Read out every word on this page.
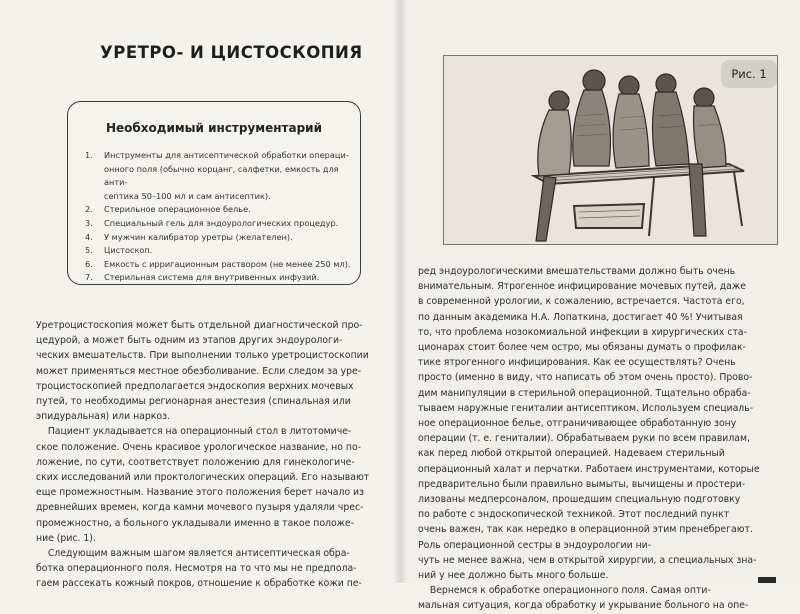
УРЕТРО- И ЦИСТОСКОПИЯ
Необходимый инструментарий
1. Инструменты для антисептической обработки операци-
онного поля (обычно корцанг, салфетки, емкость для анти-
септика 50–100 мл и сам антисептик).
2. Стерильное операционное белье.
3. Специальный гель для эндоурологических процедур.
4. У мужчин калибратор уретры (желателен).
5. Цистоскоп.
6. Емкость с ирригационным раствором (не менее 250 мл).
7. Стерильная система для внутривенных инфузий.
Уретроцистоскопия может быть отдельной диагностической про-
цедурой, а может быть одним из этапов других эндоурологи-
ческих вмешательств. При выполнении только уретроцистоскопии
может применяться местное обезболивание. Если следом за уре-
троцистоскопией предполагается эндоскопия верхних мочевых
путей, то необходимы регионарная анестезия (спинальная или
эпидуральная) или наркоз.
Пациент укладывается на операционный стол в литотомиче-
ское положение. Очень красивое урологическое название, но по-
ложение, по сути, соответствует положению для гинекологиче-
ских исследований или проктологических операций. Его называют
еще промежностным. Название этого положения берет начало из
древнейших времен, когда камни мочевого пузыря удаляли чрес-
промежностно, а больного укладывали именно в такое положе-
ние (рис. 1).
Следующим важным шагом является антисептическая обра-
ботка операционного поля. Несмотря на то что мы не предпола-
гаем рассекать кожный покров, отношение к обработке кожи пе-
ред эндоурологическими вмешательствами должно быть очень
внимательным. Ятрогенное инфицирование мочевых путей, даже
в современной урологии, к сожалению, встречается. Частота его,
по данным академика Н.А. Лопаткина, достигает 40 %! Учитывая
то, что проблема нозокомиальной инфекции в хирургических ста-
ционарах стоит более чем остро, мы обязаны думать о профилак-
тике ятрогенного инфицирования. Как ее осуществлять? Очень
просто (именно в виду, что написать об этом очень просто). Прово-
дим манипуляции в стерильной операционной. Тщательно обраба-
тываем наружные гениталии антисептиком. Используем специаль-
ное операционное белье, отграничивающее обработанную зону
операции (т. е. гениталии). Обрабатываем руки по всем правилам,
как перед любой открытой операцией. Надеваем стерильный
операционный халат и перчатки. Работаем инструментами, которые
предварительно были правильно вымыты, вычищены и простери-
лизованы медперсоналом, прошедшим специальную подготовку
по работе с эндоскопической техникой. Этот последний пункт
очень важен, так как нередко в операционной этим пренебрегают.
Роль операционной сестры в эндоурологии ни-
чуть не менее важна, чем в открытой хирургии, а специальных зна-
ний у нее должно быть много больше.
Вернемся к обработке операционного поля. Самая опти-
мальная ситуация, когда обработку и укрывание больного на опе-
Рис. 1
